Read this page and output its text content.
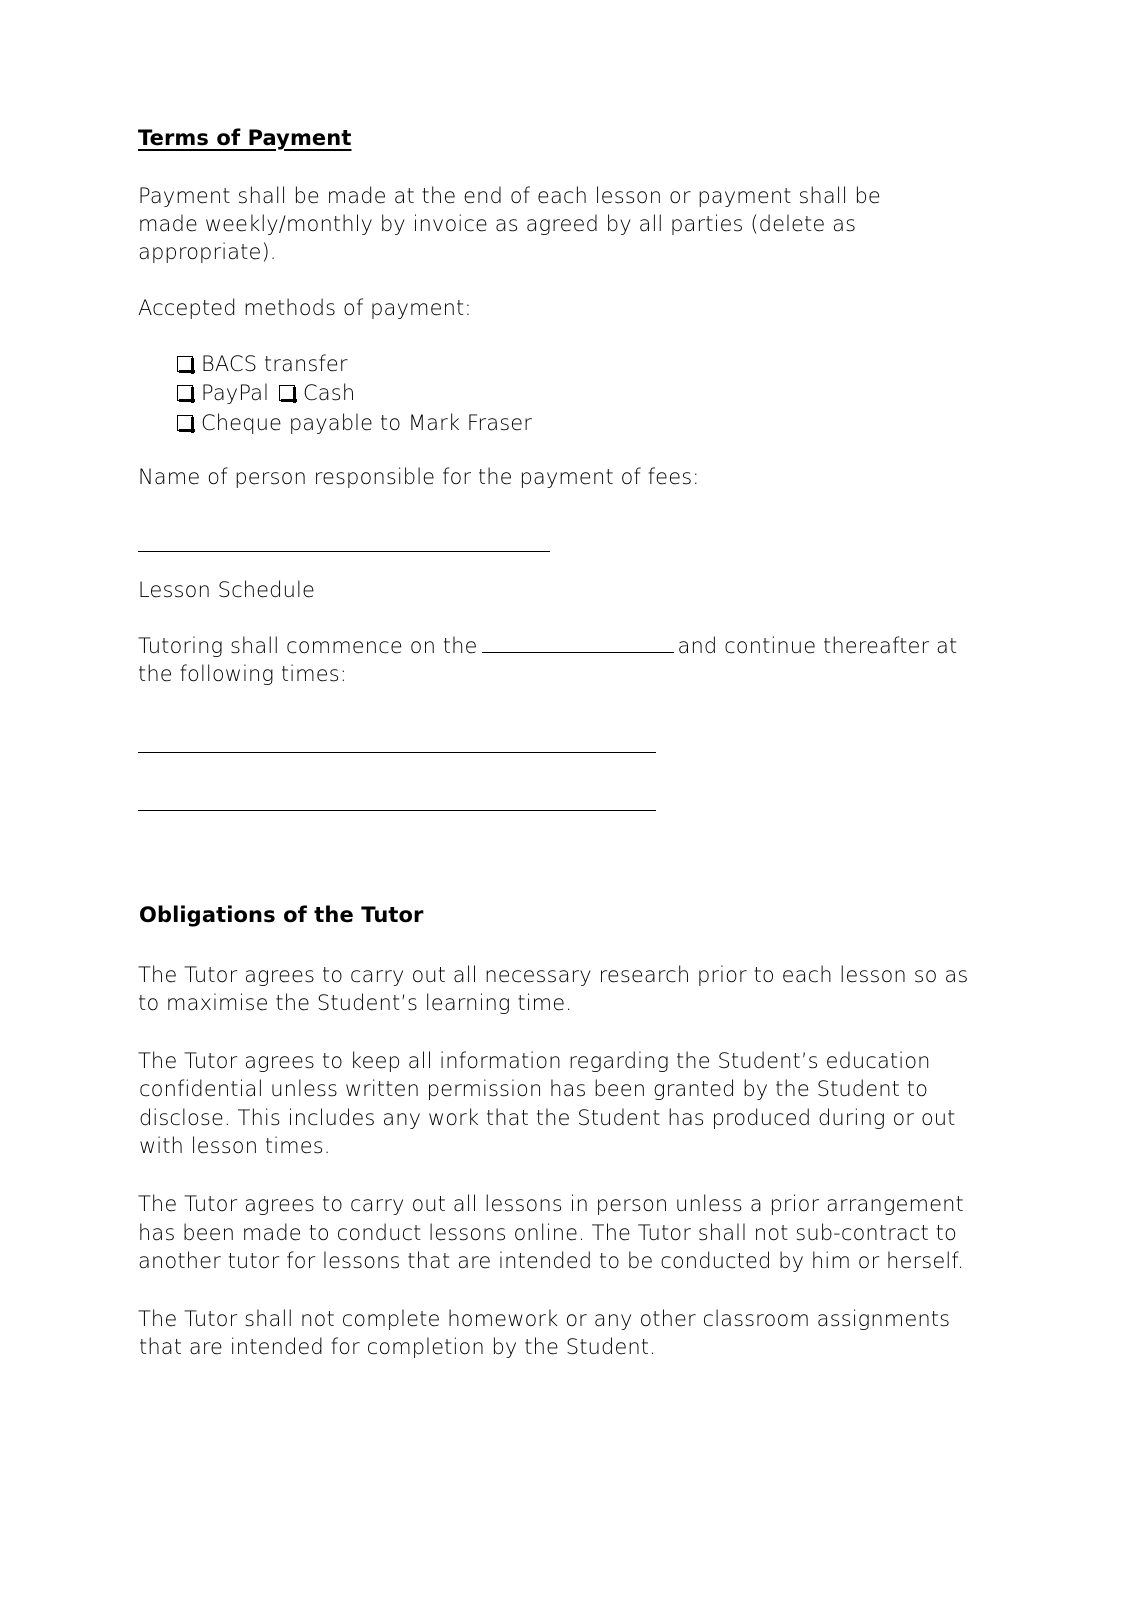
Terms of Payment

Payment shall be made at the end of each lesson or payment shall be

made weekly/monthly by invoice as agreed by all parties (delete as

appropriate).

Accepted methods of payment:

BACS transfer

PayPal Cash

Cheque payable to Mark Fraser

Name of person responsible for the payment of fees:

Lesson Schedule

Tutoring shall commence on the	and continue thereafter at

the following times:

Obligations of the Tutor

The Tutor agrees to carry out all necessary research prior to each lesson so as

to maximise the Student’s learning time.

The Tutor agrees to keep all information regarding the Student’s education

confidential unless written permission has been granted by the Student to

disclose. This includes any work that the Student has produced during or out

with lesson times.

The Tutor agrees to carry out all lessons in person unless a prior arrangement

has been made to conduct lessons online. The Tutor shall not sub-contract to

another tutor for lessons that are intended to be conducted by him or herself.

The Tutor shall not complete homework or any other classroom assignments

that are intended for completion by the Student.
